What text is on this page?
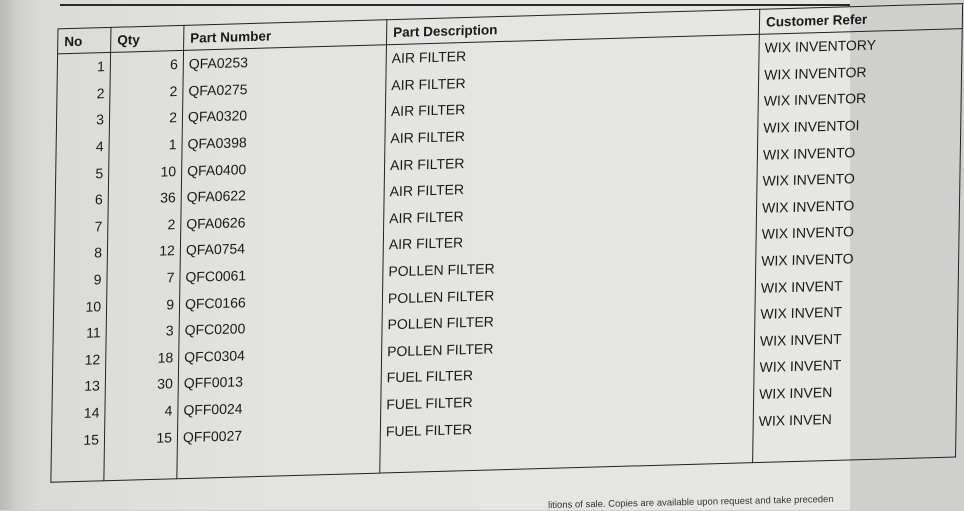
No	Qty	Part Number	Part Description	Customer Refer
1	6	QFA0253	AIR FILTER	WIX INVENTORY
2	2	QFA0275	AIR FILTER	WIX INVENTOR
3	2	QFA0320	AIR FILTER	WIX INVENTOR
4	1	QFA0398	AIR FILTER	WIX INVENTOI
5	10	QFA0400	AIR FILTER	WIX INVENTO
6	36	QFA0622	AIR FILTER	WIX INVENTO
7	2	QFA0626	AIR FILTER	WIX INVENTO
8	12	QFA0754	AIR FILTER	WIX INVENTO
9	7	QFC0061	POLLEN FILTER	WIX INVENTO
10	9	QFC0166	POLLEN FILTER	WIX INVENT
11	3	QFC0200	POLLEN FILTER	WIX INVENT
12	18	QFC0304	POLLEN FILTER	WIX INVENT
13	30	QFF0013	FUEL FILTER	WIX INVENT
14	4	QFF0024	FUEL FILTER	WIX INVEN
15	15	QFF0027	FUEL FILTER	WIX INVEN

litions of sale. Copies are available upon request and take preceden
